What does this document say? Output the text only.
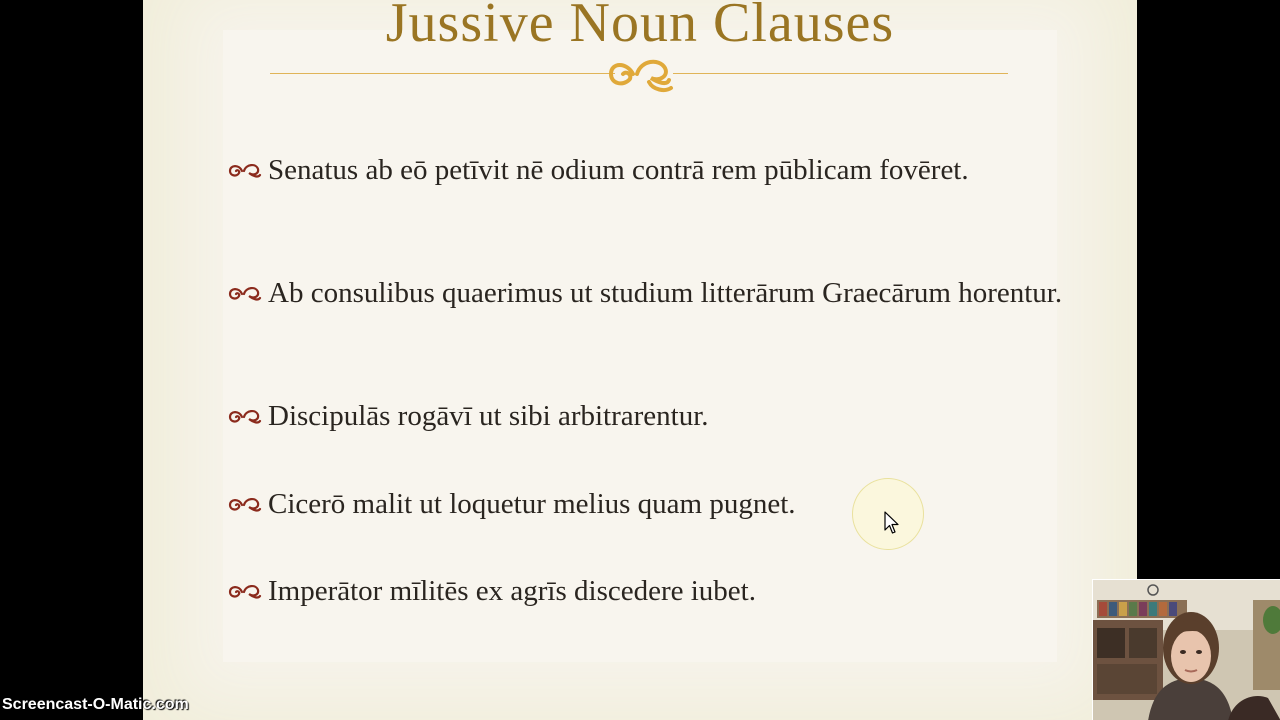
Jussive Noun Clauses
Senatus ab eō petīvit nē odium contrā rem pūblicam fovēret.
Ab consulibus quaerimus ut studium litterārum Graecārum horentur.
Discipulās rogāvī ut sibi arbitrarentur.
Cicerō malit ut loquetur melius quam pugnet.
Imperātor mīlitēs ex agrīs discedere iubet.
Screencast-O-Matic.com
